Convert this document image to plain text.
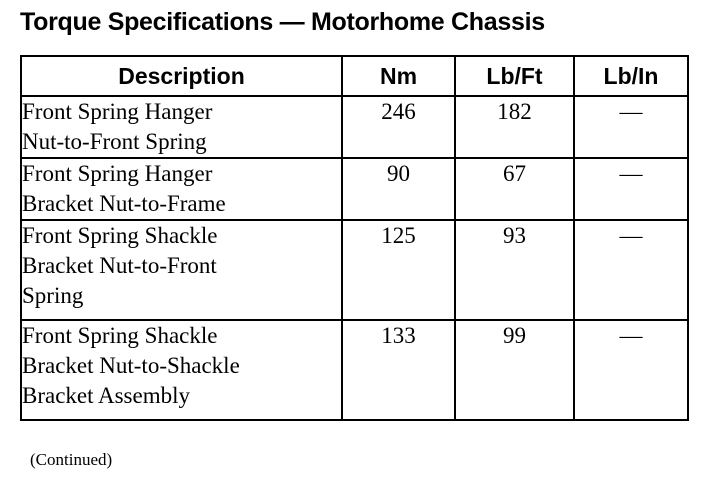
Torque Specifications — Motorhome Chassis
Description	Nm	Lb/Ft	Lb/In

Front Spring Hanger
Nut-to-Front Spring	246	182	—

Front Spring Hanger
Bracket Nut-to-Frame	90	67	—

Front Spring Shackle
Bracket Nut-to-Front
Spring	125	93	—

Front Spring Shackle
Bracket Nut-to-Shackle
Bracket Assembly	133	99	—
(Continued)
